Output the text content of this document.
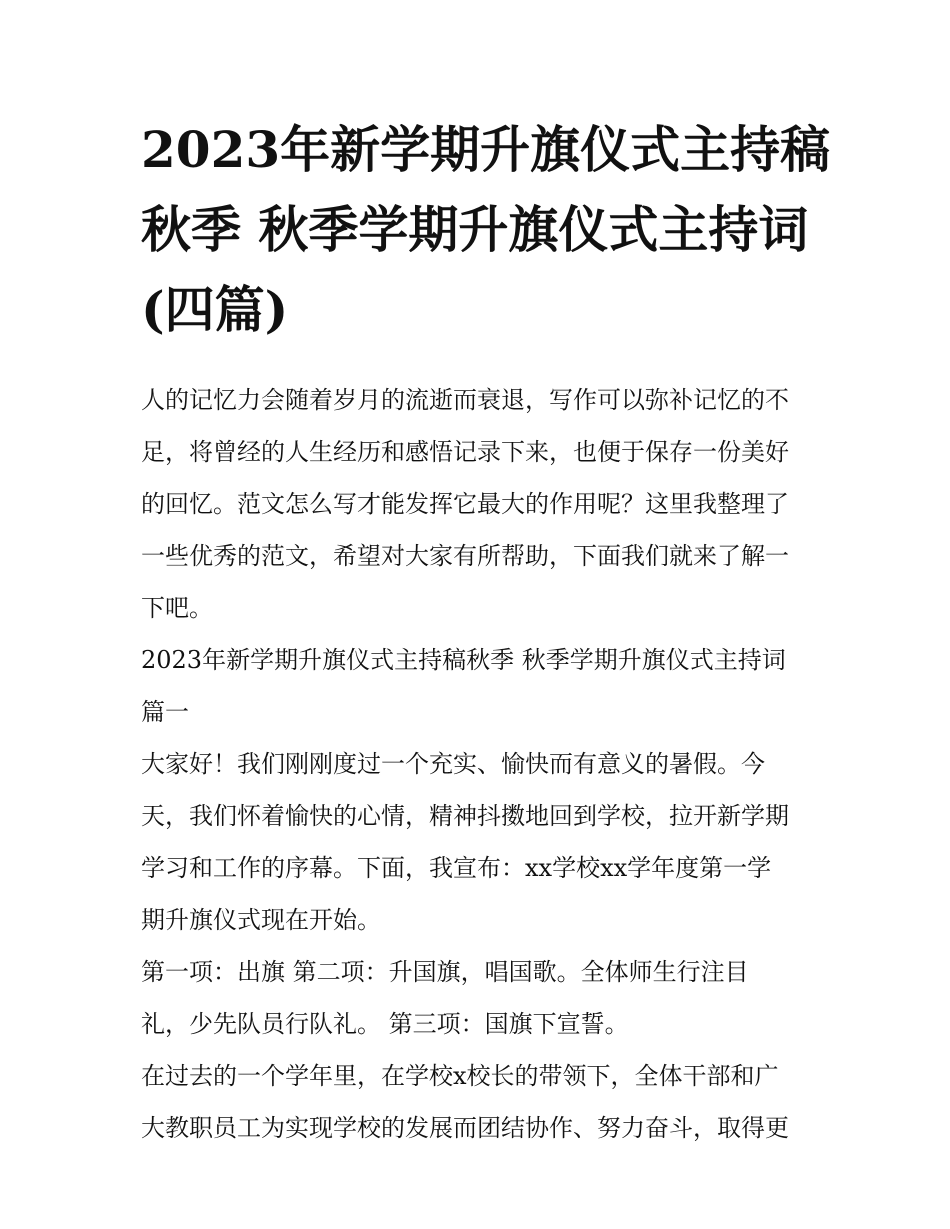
2023年新学期升旗仪式主持稿
秋季 秋季学期升旗仪式主持词
(四篇)

人的记忆力会随着岁月的流逝而衰退，写作可以弥补记忆的不
足，将曾经的人生经历和感悟记录下来，也便于保存一份美好
的回忆。范文怎么写才能发挥它最大的作用呢？这里我整理了
一些优秀的范文，希望对大家有所帮助，下面我们就来了解一
下吧。

2023年新学期升旗仪式主持稿秋季 秋季学期升旗仪式主持词
篇一

大家好！我们刚刚度过一个充实、愉快而有意义的暑假。今
天，我们怀着愉快的心情，精神抖擞地回到学校，拉开新学期
学习和工作的序幕。下面，我宣布：xx学校xx学年度第一学
期升旗仪式现在开始。

第一项：出旗 第二项：升国旗，唱国歌。全体师生行注目
礼，少先队员行队礼。 第三项：国旗下宣誓。

在过去的一个学年里，在学校x校长的带领下，全体干部和广
大教职员工为实现学校的发展而团结协作、努力奋斗，取得更
